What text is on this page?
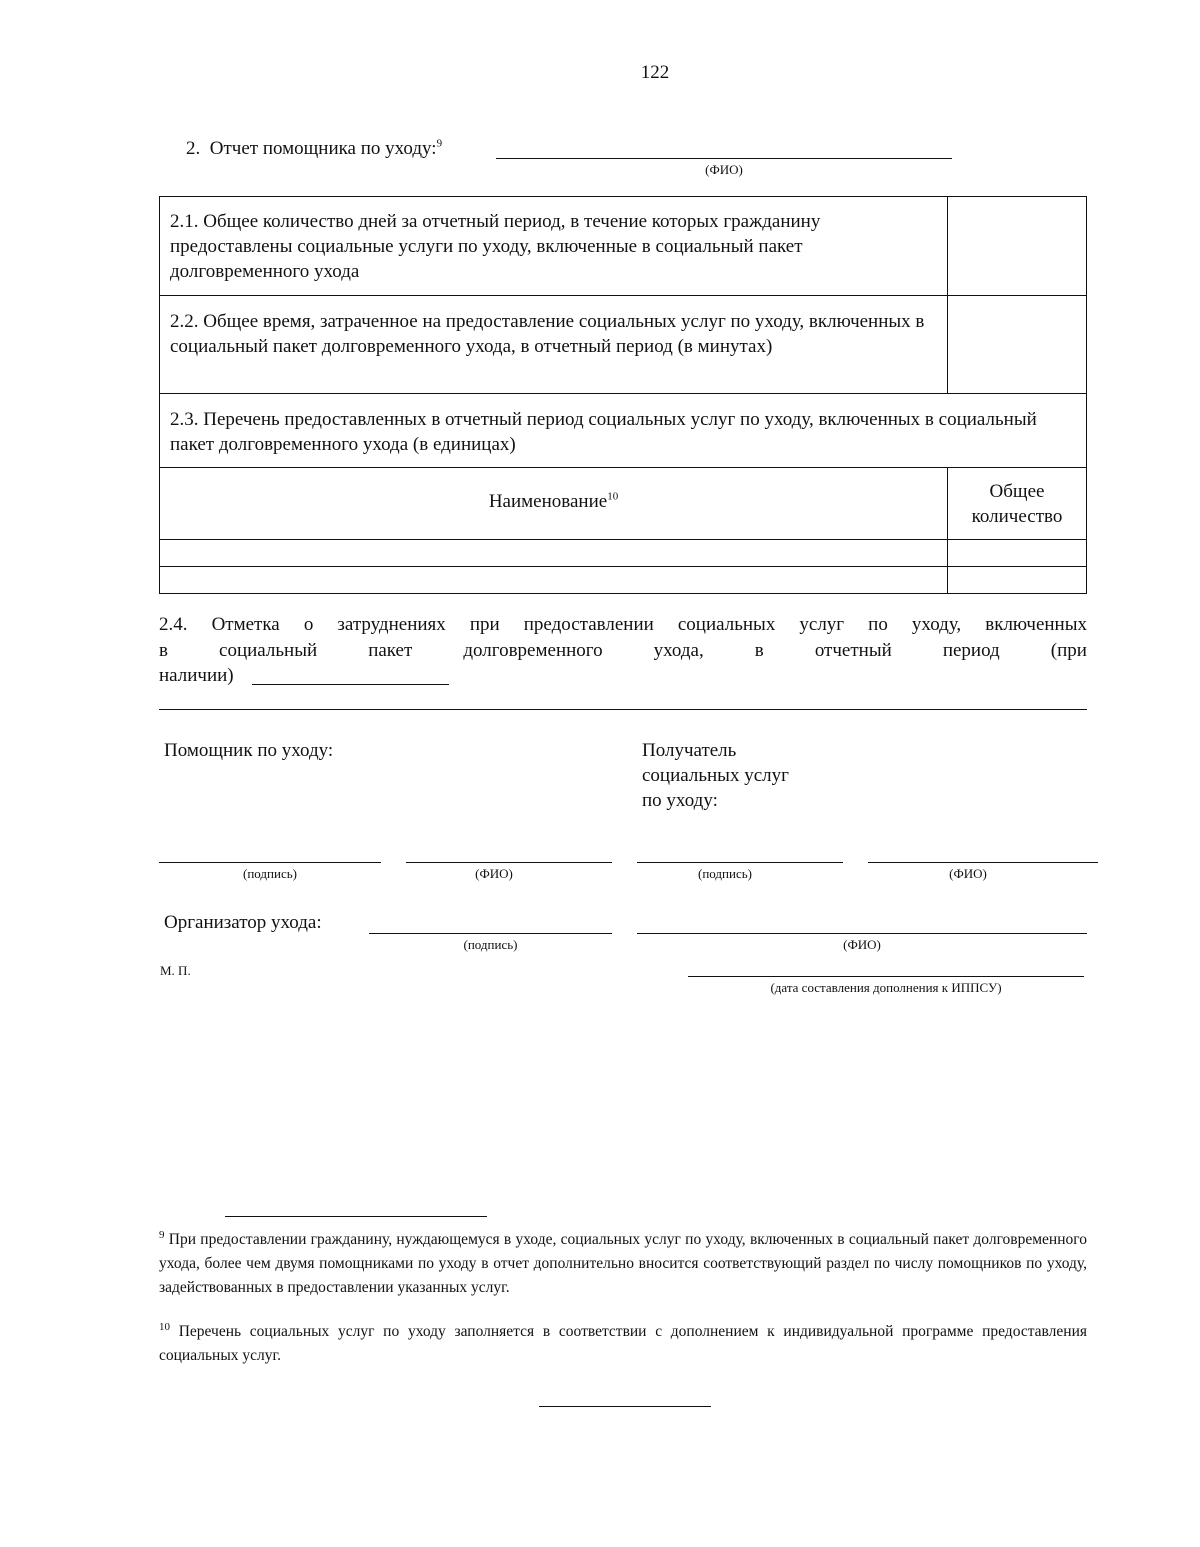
122
2. Отчет помощника по уходу:$^9$
(ФИО)
2.1. Общее количество дней за отчетный период, в течение которых гражданину предоставлены социальные услуги по уходу, включенные в социальный пакет долговременного ухода
2.2. Общее время, затраченное на предоставление социальных услуг по уходу, включенных в социальный пакет долговременного ухода, в отчетный период (в минутах)
2.3. Перечень предоставленных в отчетный период социальных услуг по уходу, включенных в социальный пакет долговременного ухода (в единицах)
Наименование$^{10}$	Общее
количество
2.4. Отметка о затруднениях при предоставлении социальных услуг по уходу, включенных
в	социальный	пакет	долговременного	ухода,	в	отчетный	период	(при
наличии)
Помощник по уходу:	Получатель
социальных услуг
по уходу:
(подпись)	(ФИО)	(подпись)	(ФИО)
Организатор ухода:
(подпись)	(ФИО)
М. П.
(дата составления дополнения к ИППСУ)
$^9$ При предоставлении гражданину, нуждающемуся в уходе, социальных услуг по уходу, включенных в социальный пакет долговременного ухода, более чем двумя помощниками по уходу в отчет дополнительно вносится соответствующий раздел по числу помощников по уходу, задействованных в предоставлении указанных услуг.
$^{10}$ Перечень социальных услуг по уходу заполняется в соответствии с дополнением к индивидуальной программе предоставления социальных услуг.
